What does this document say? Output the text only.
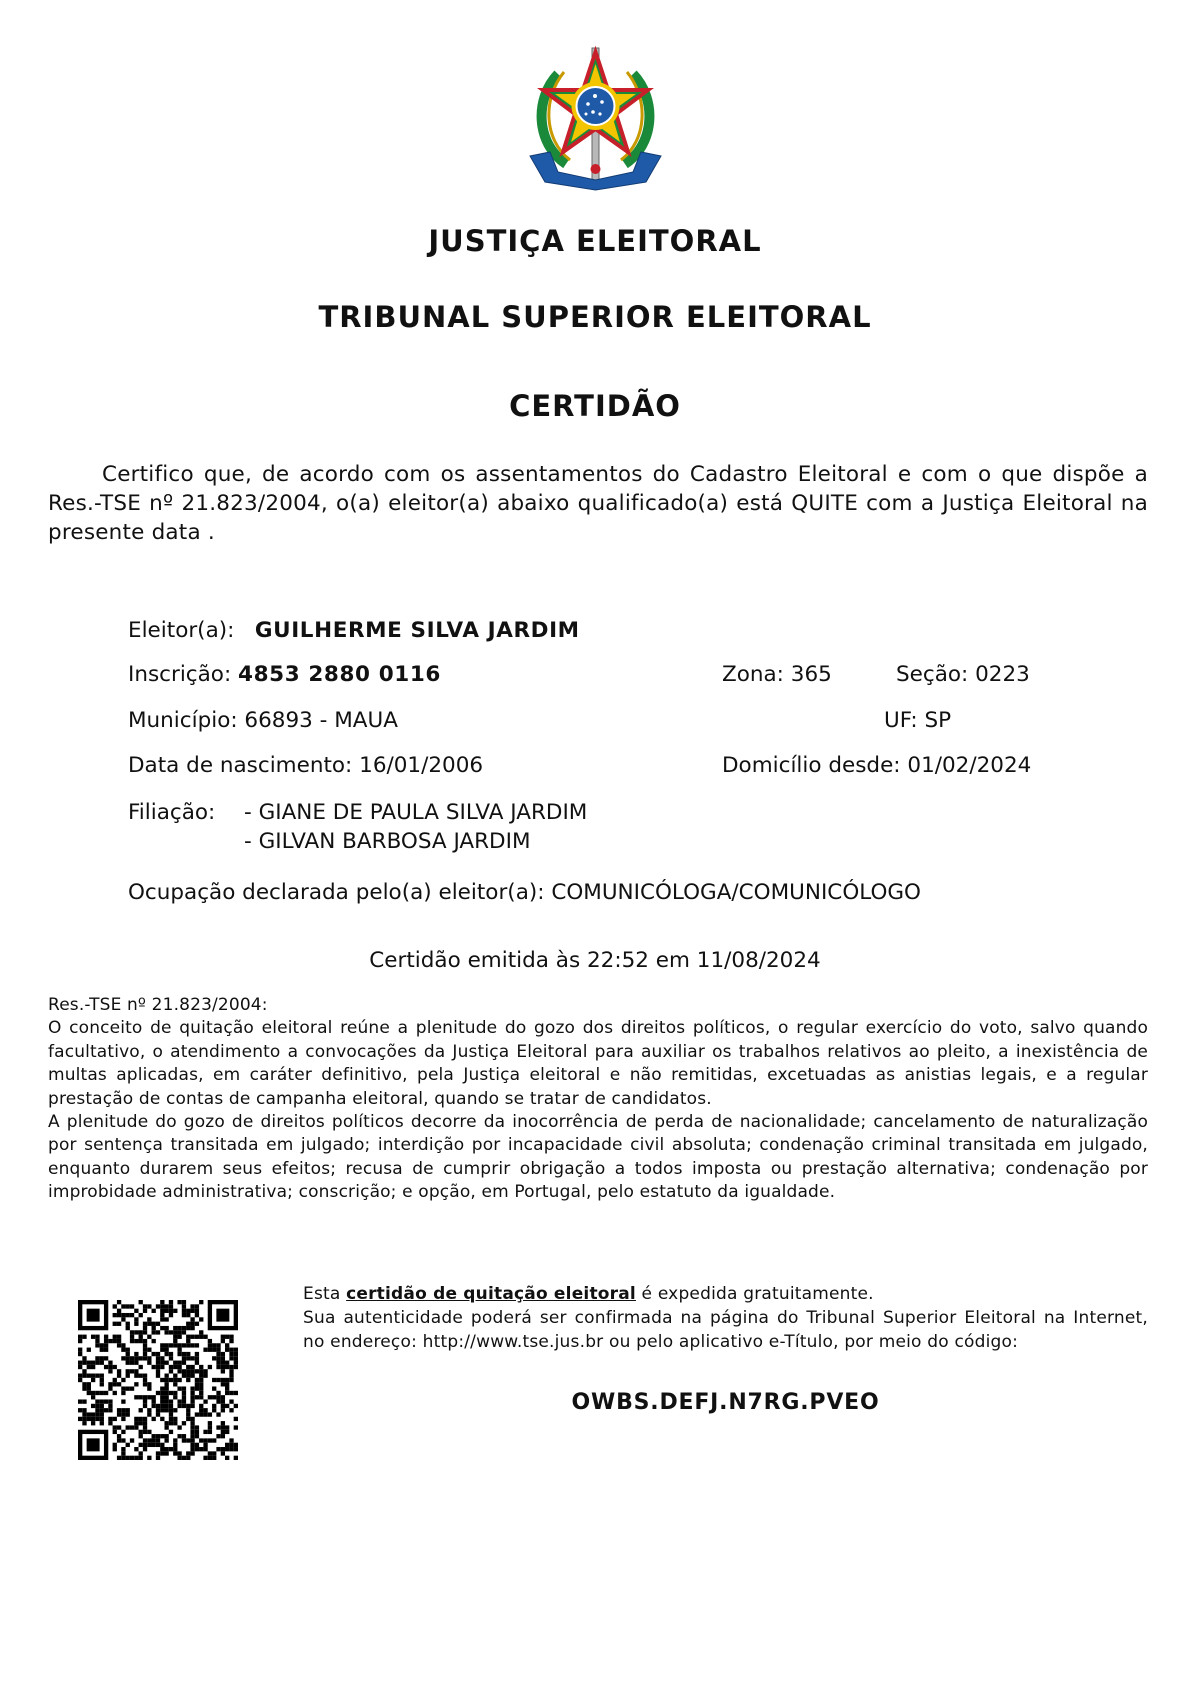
JUSTIÇA ELEITORAL
TRIBUNAL SUPERIOR ELEITORAL
CERTIDÃO

Certifico que, de acordo com os assentamentos do Cadastro Eleitoral e com o que dispõe a Res.-TSE nº 21.823/2004, o(a) eleitor(a) abaixo qualificado(a) está QUITE com a Justiça Eleitoral na presente data .

Eleitor(a): GUILHERME SILVA JARDIM
Inscrição: 4853 2880 0116	Zona: 365	Seção: 0223
Município: 66893 - MAUA	UF: SP
Data de nascimento: 16/01/2006	Domicílio desde: 01/02/2024
Filiação: - GIANE DE PAULA SILVA JARDIM
- GILVAN BARBOSA JARDIM
Ocupação declarada pelo(a) eleitor(a): COMUNICÓLOGA/COMUNICÓLOGO
Certidão emitida às 22:52 em 11/08/2024

Res.-TSE nº 21.823/2004:

O conceito de quitação eleitoral reúne a plenitude do gozo dos direitos políticos, o regular exercício do voto, salvo quando facultativo, o atendimento a convocações da Justiça Eleitoral para auxiliar os trabalhos relativos ao pleito, a inexistência de multas aplicadas, em caráter definitivo, pela Justiça eleitoral e não remitidas, excetuadas as anistias legais, e a regular prestação de contas de campanha eleitoral, quando se tratar de candidatos.

A plenitude do gozo de direitos políticos decorre da inocorrência de perda de nacionalidade; cancelamento de naturalização por sentença transitada em julgado; interdição por incapacidade civil absoluta; condenação criminal transitada em julgado, enquanto durarem seus efeitos; recusa de cumprir obrigação a todos imposta ou prestação alternativa; condenação por improbidade administrativa; conscrição; e opção, em Portugal, pelo estatuto da igualdade.

Esta certidão de quitação eleitoral é expedida gratuitamente.

Sua autenticidade poderá ser confirmada na página do Tribunal Superior Eleitoral na Internet, no endereço: http://www.tse.jus.br ou pelo aplicativo e-Título, por meio do código:

OWBS.DEFJ.N7RG.PVEO
